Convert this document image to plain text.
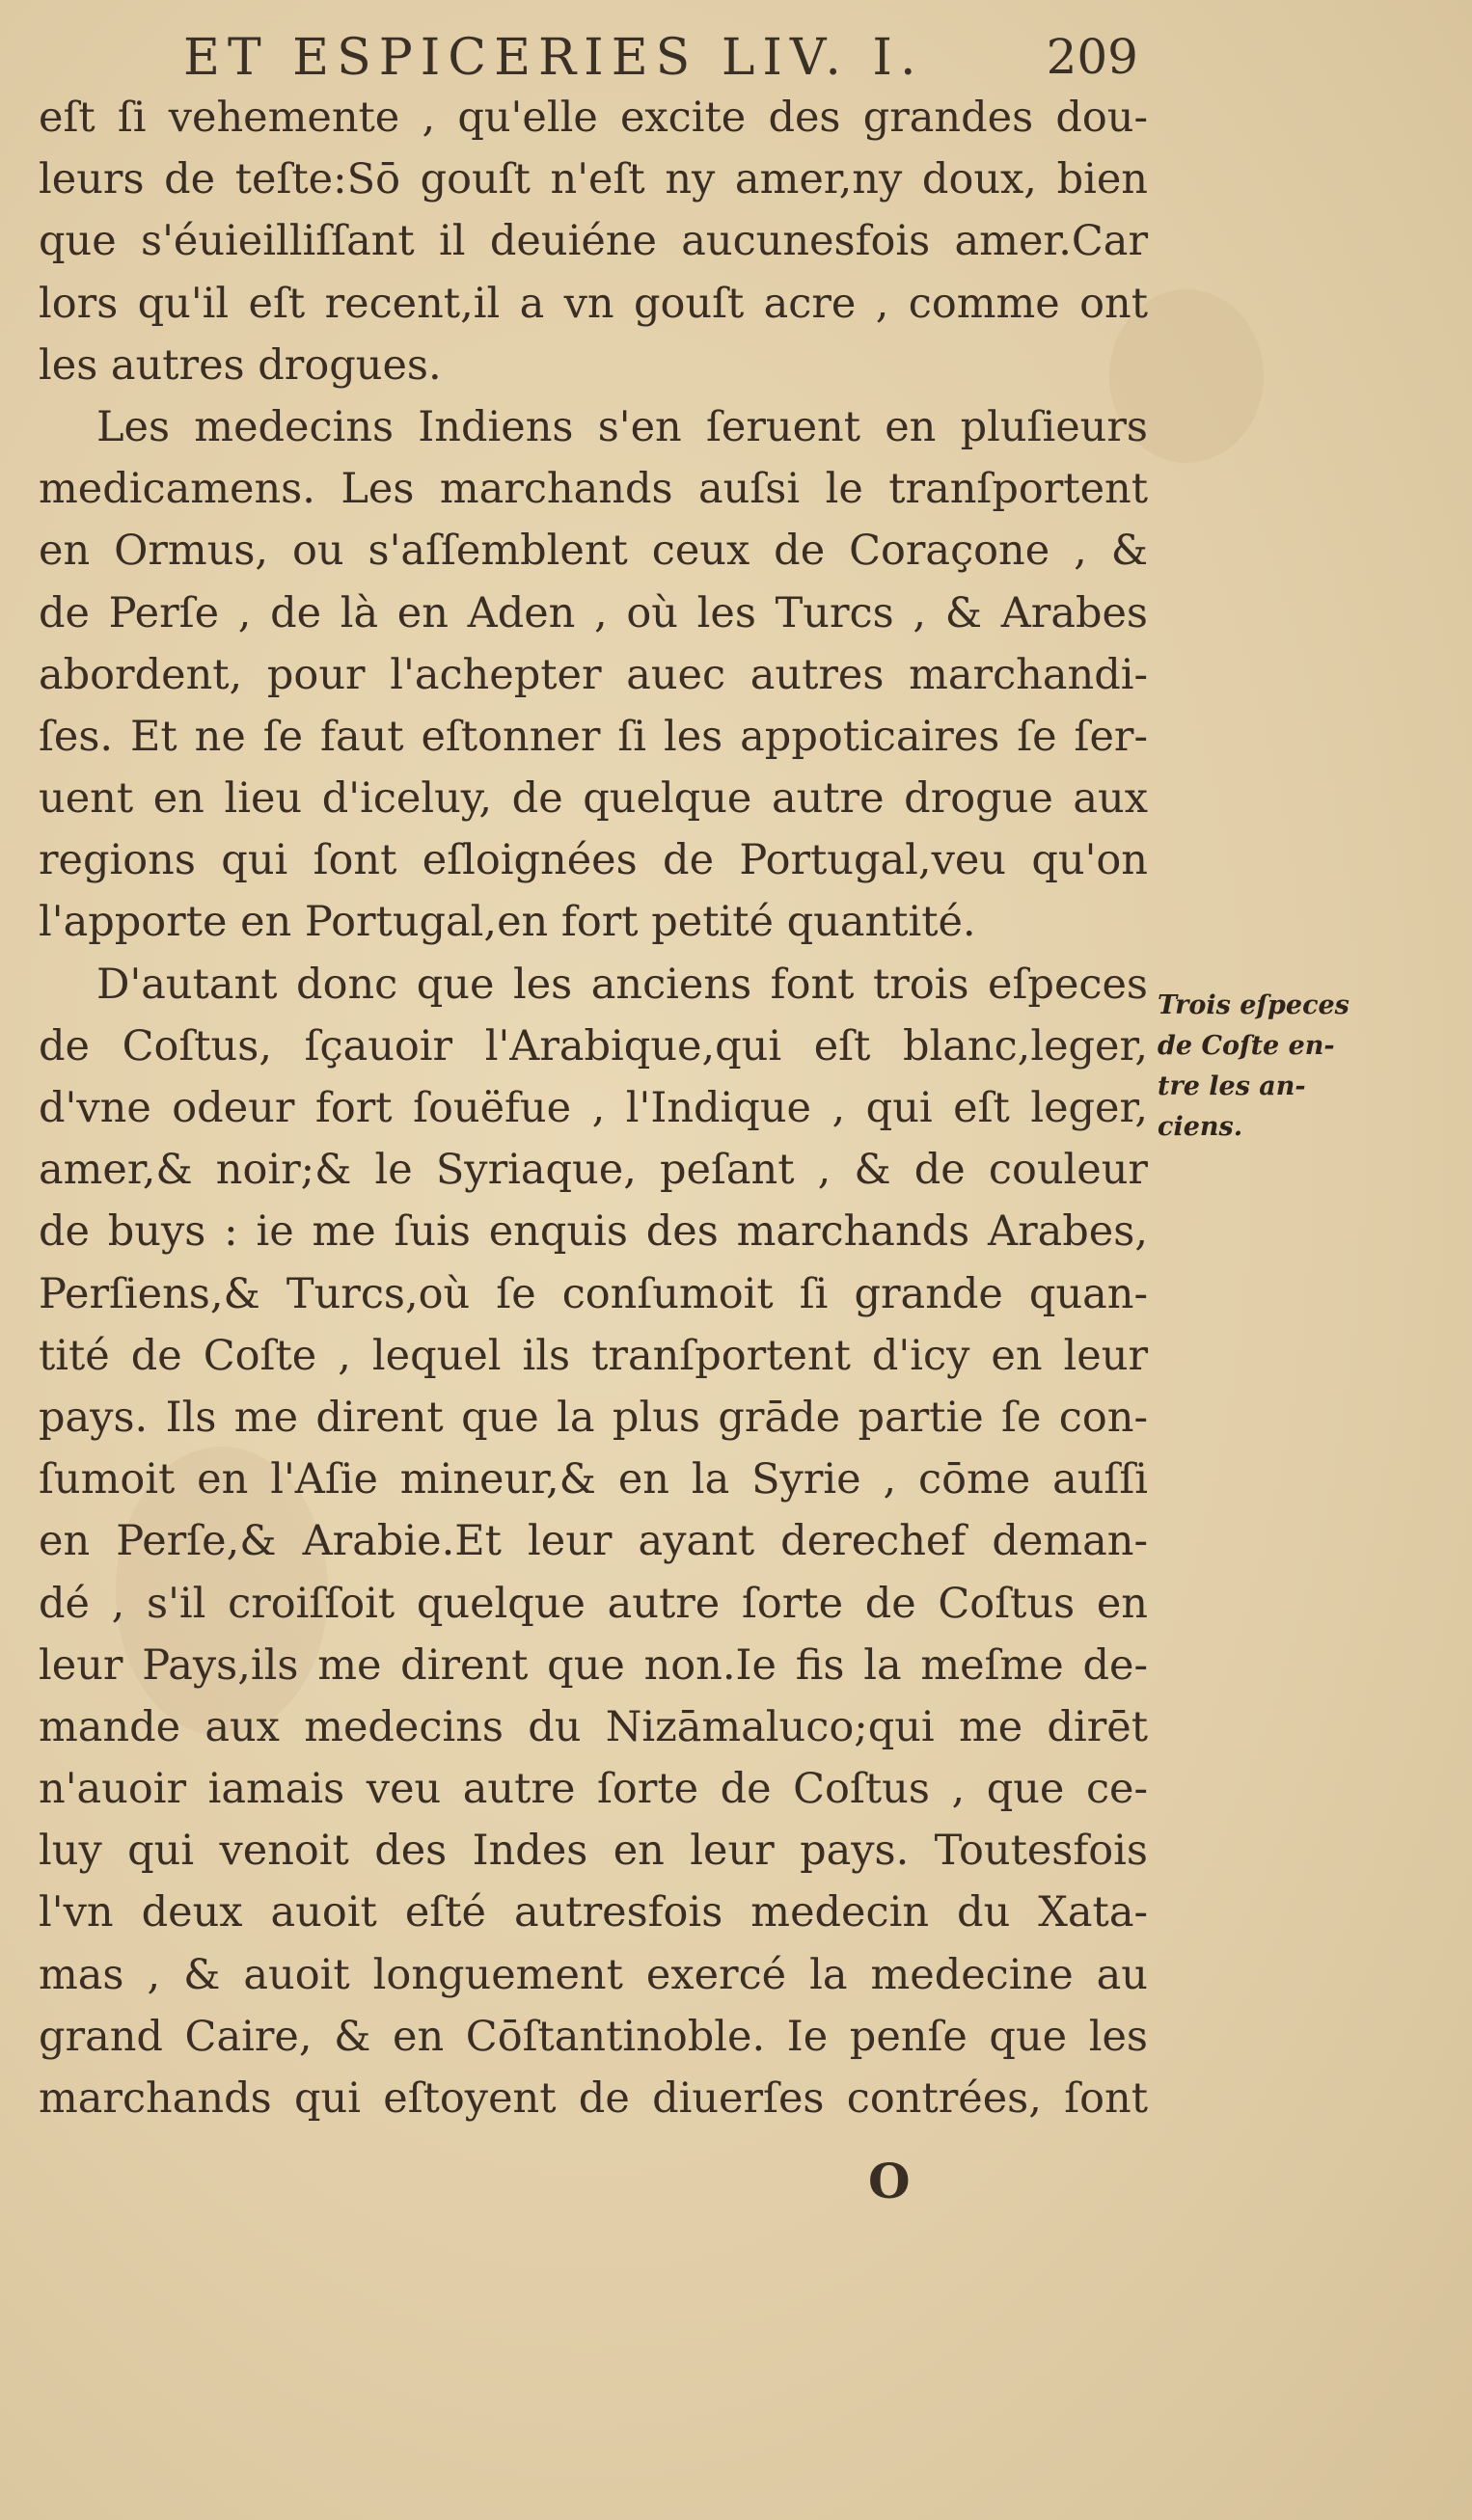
ET ESPICERIES LIV. I.	209
eſt ſi vehemente , qu'elle excite des grandes dou-
leurs de teſte:Sō gouſt n'eſt ny amer,ny doux, bien
que s'éuieilliſſant il deuiéne aucunesfois amer.Car
lors qu'il eſt recent,il a vn gouſt acre , comme ont
les autres drogues.
Les medecins Indiens s'en ſeruent en pluſieurs
medicamens. Les marchands auſsi le tranſportent
en Ormus, ou s'aſſemblent ceux de Coraçone , &
de Perſe , de là en Aden , où les Turcs , & Arabes
abordent, pour l'achepter auec autres marchandi-
ſes. Et ne ſe faut eſtonner ſi les appoticaires ſe ſer-
uent en lieu d'iceluy, de quelque autre drogue aux
regions qui ſont eſloignées de Portugal,veu qu'on
l'apporte en Portugal,en fort petité quantité.
D'autant donc que les anciens font trois eſpeces
de Coſtus, ſçauoir l'Arabique,qui eſt blanc,leger,
d'vne odeur fort ſouëfue , l'Indique , qui eſt leger,
amer,& noir;& le Syriaque, peſant , & de couleur
de buys : ie me ſuis enquis des marchands Arabes,
Perſiens,& Turcs,où ſe conſumoit ſi grande quan-
tité de Coſte , lequel ils tranſportent d'icy en leur
pays. Ils me dirent que la plus grāde partie ſe con-
ſumoit en l'Aſie mineur,& en la Syrie , cōme auſſi
en Perſe,& Arabie.Et leur ayant derechef deman-
dé , s'il croiſſoit quelque autre ſorte de Coſtus en
leur Pays,ils me dirent que non.Ie fis la meſme de-
mande aux medecins du Nizāmaluco;qui me dirēt
n'auoir iamais veu autre ſorte de Coſtus , que ce-
luy qui venoit des Indes en leur pays. Toutesfois
l'vn deux auoit eſté autresfois medecin du Xata-
mas , & auoit longuement exercé la medecine au
grand Caire, & en Cōſtantinoble. Ie penſe que les
marchands qui eſtoyent de diuerſes contrées, ſont
Trois eſpeces
de Coſte en-
tre les an-
ciens.
O
